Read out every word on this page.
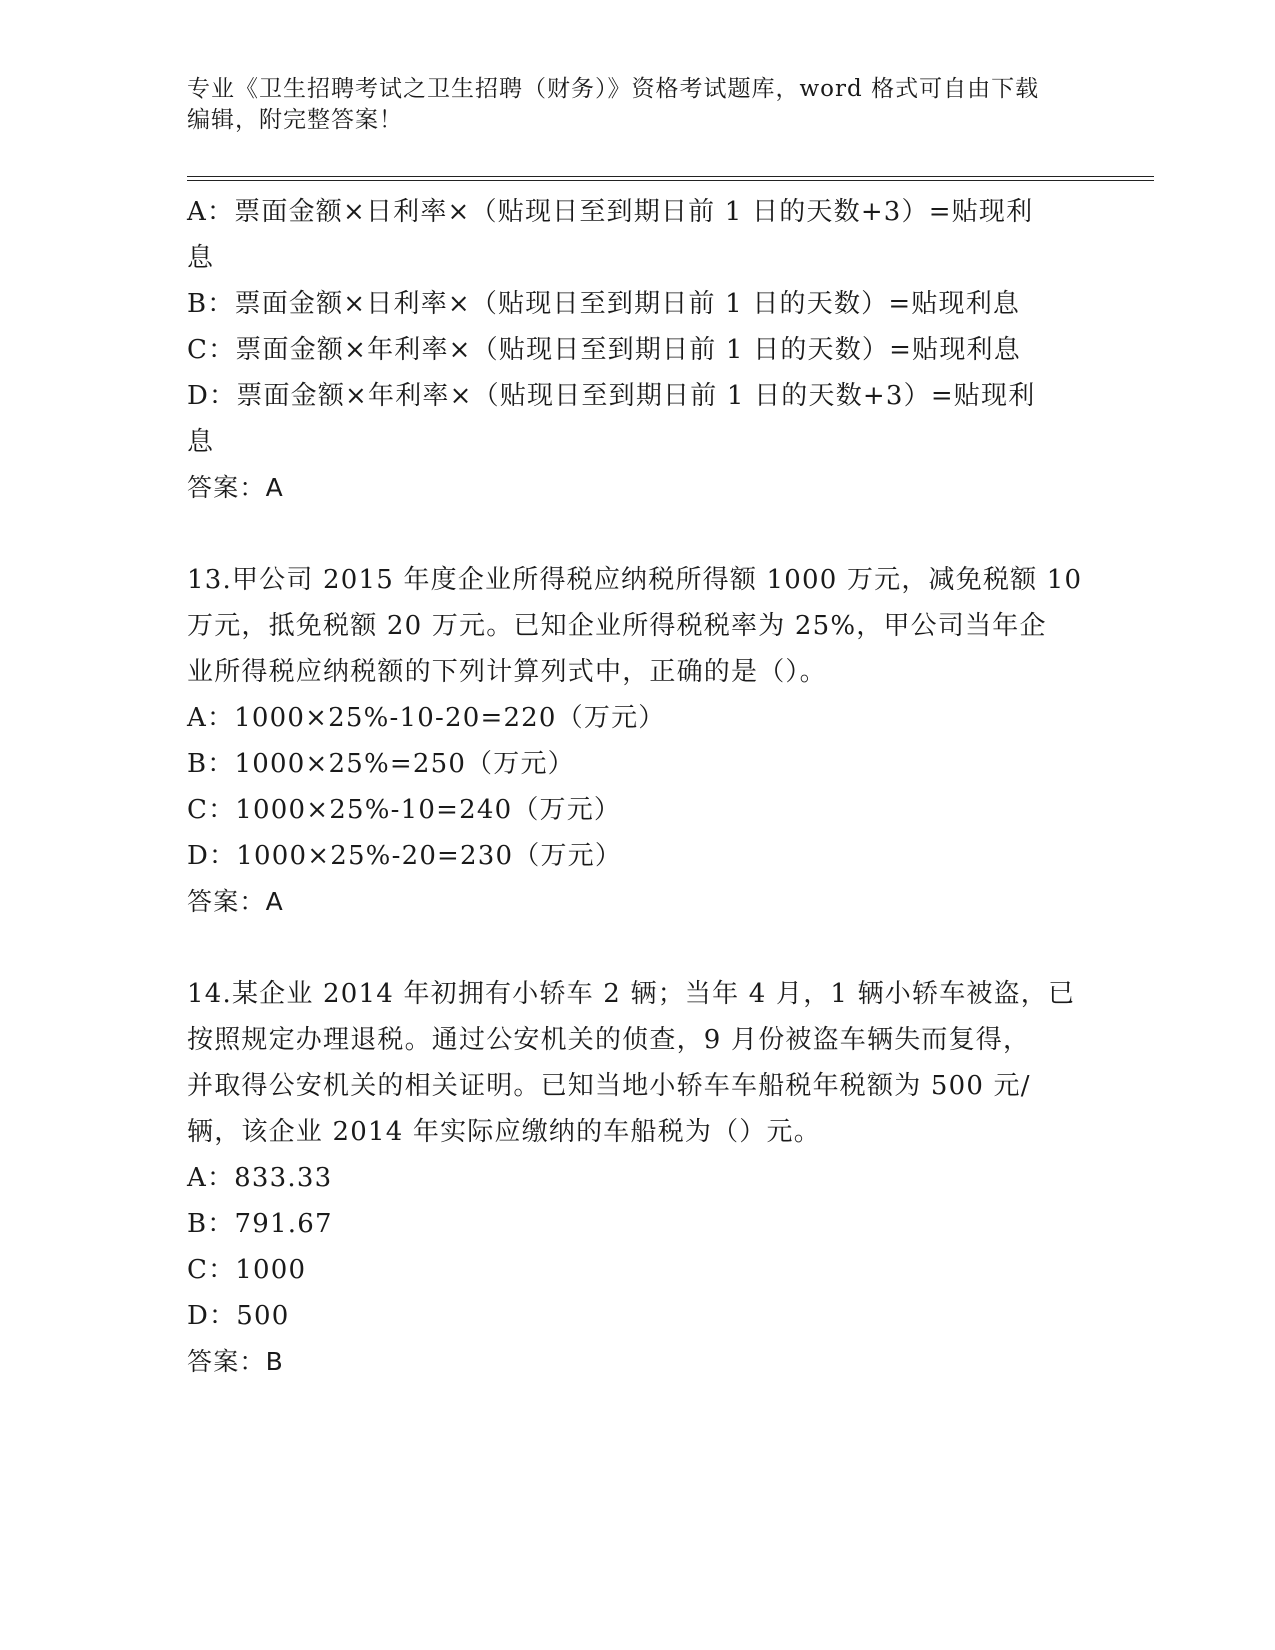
专业《卫生招聘考试之卫生招聘（财务）》资格考试题库，word 格式可自由下载
编辑，附完整答案！
A：票面金额×日利率×（贴现日至到期日前 1 日的天数+3）=贴现利
息
B：票面金额×日利率×（贴现日至到期日前 1 日的天数）=贴现利息
C：票面金额×年利率×（贴现日至到期日前 1 日的天数）=贴现利息
D：票面金额×年利率×（贴现日至到期日前 1 日的天数+3）=贴现利
息
答案：A
13.甲公司 2015 年度企业所得税应纳税所得额 1000 万元，减免税额 10
万元，抵免税额 20 万元。已知企业所得税税率为 25%，甲公司当年企
业所得税应纳税额的下列计算列式中，正确的是（）。
A：1000×25%-10-20=220（万元）
B：1000×25%=250（万元）
C：1000×25%-10=240（万元）
D：1000×25%-20=230（万元）
答案：A
14.某企业 2014 年初拥有小轿车 2 辆；当年 4 月，1 辆小轿车被盗，已
按照规定办理退税。通过公安机关的侦查，9 月份被盗车辆失而复得，
并取得公安机关的相关证明。已知当地小轿车车船税年税额为 500 元/
辆，该企业 2014 年实际应缴纳的车船税为（）元。
A：833.33
B：791.67
C：1000
D：500
答案：B
